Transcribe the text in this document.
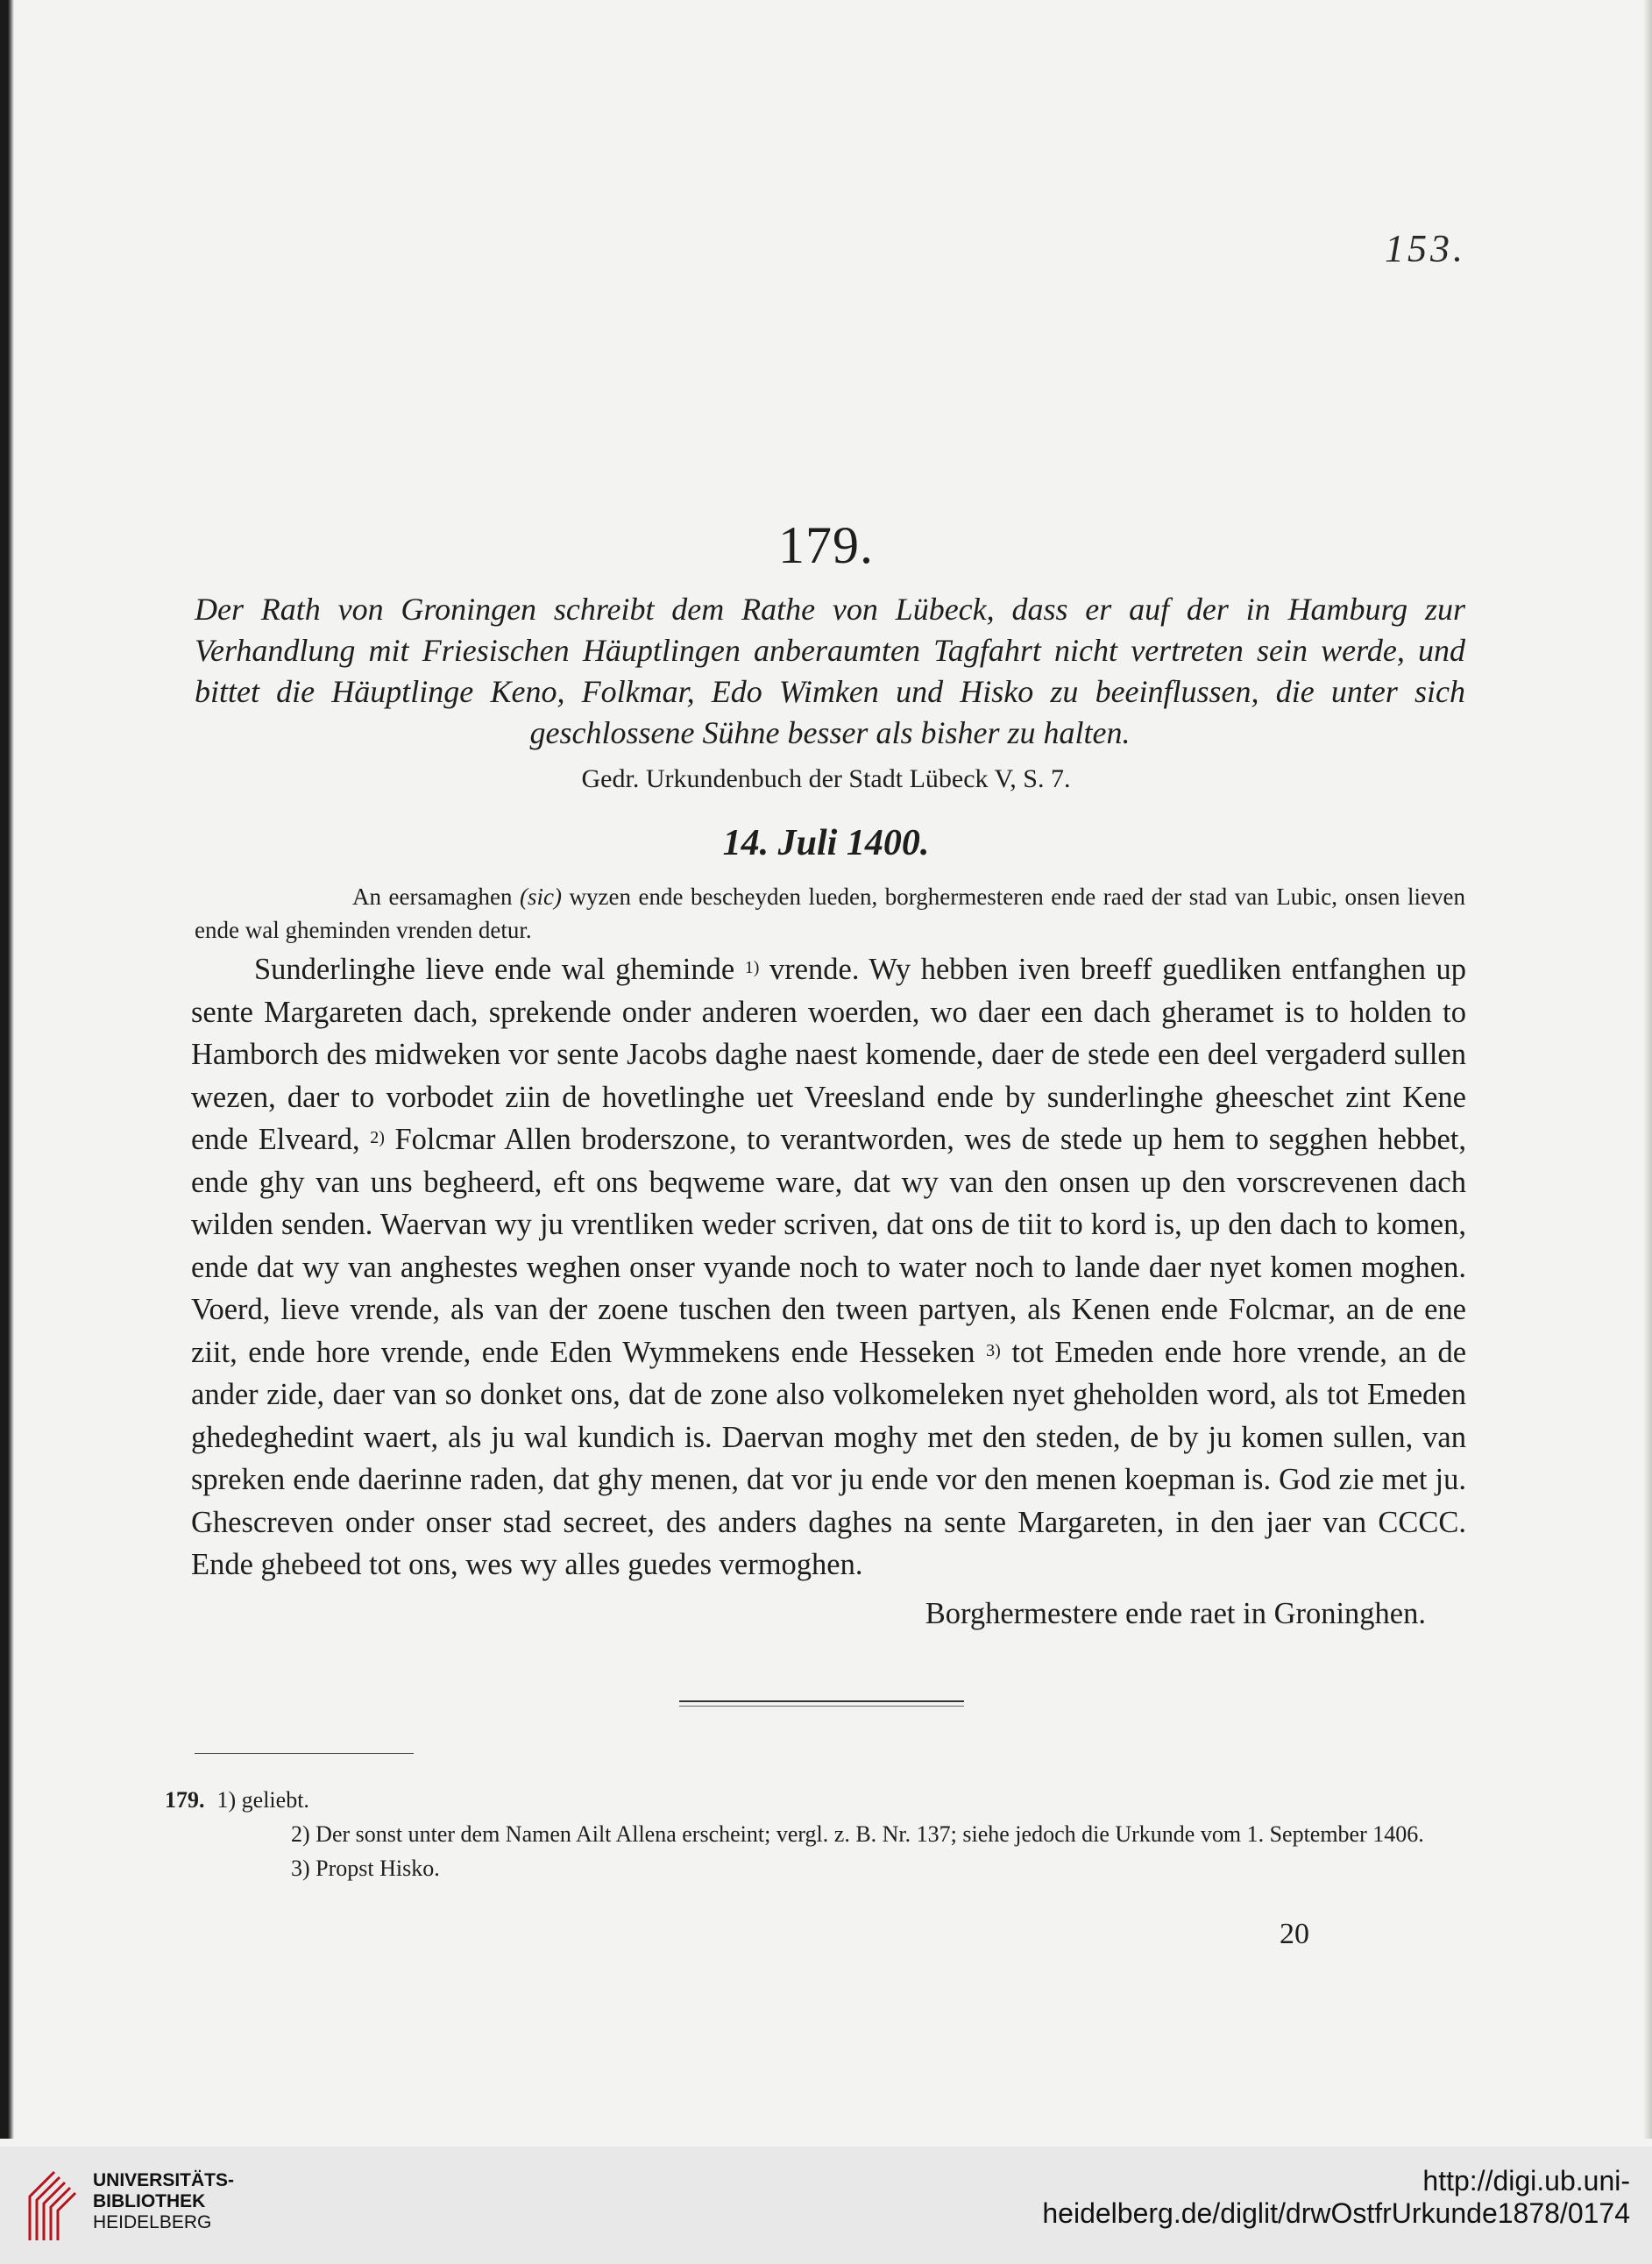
153.
179.
Der Rath von Groningen schreibt dem Rathe von Lübeck, dass er auf der in Hamburg zur Verhandlung mit Friesischen Häuptlingen anberaumten Tagfahrt nicht vertreten sein werde, und bittet die Häuptlinge Keno, Folkmar, Edo Wimken und Hisko zu beeinflussen, die unter sich geschlossene Sühne besser als bisher zu halten.
Gedr. Urkundenbuch der Stadt Lübeck V, S. 7.
14. Juli 1400.
An eersamaghen (sic) wyzen ende bescheyden lueden, borghermesteren ende raed der stad van Lubic, onsen lieven ende wal gheminden vrenden detur.
Sunderlinghe lieve ende wal gheminde $^{1)}$ vrende. Wy hebben iven breeff guedliken entfanghen up sente Margareten dach, sprekende onder anderen woerden, wo daer een dach gheramet is to holden to Hamborch des midweken vor sente Jacobs daghe naest komende, daer de stede een deel vergaderd sullen wezen, daer to vorbodet ziin de hovetlinghe uet Vreesland ende by sunderlinghe gheeschet zint Kene ende Elveard, $^{2)}$ Folcmar Allen broderszone, to verantworden, wes de stede up hem to segghen hebbet, ende ghy van uns begheerd, eft ons beqweme ware, dat wy van den onsen up den vorscrevenen dach wilden senden. Waervan wy ju vrentliken weder scriven, dat ons de tiit to kord is, up den dach to komen, ende dat wy van anghestes weghen onser vyande noch to water noch to lande daer nyet komen moghen. Voerd, lieve vrende, als van der zoene tuschen den tween partyen, als Kenen ende Folcmar, an de ene ziit, ende hore vrende, ende Eden Wymmekens ende Hesseken $^{3)}$ tot Emeden ende hore vrende, an de ander zide, daer van so donket ons, dat de zone also volkomeleken nyet gheholden word, als tot Emeden ghedeghedint waert, als ju wal kundich is. Daervan moghy met den steden, de by ju komen sullen, van spreken ende daerinne raden, dat ghy menen, dat vor ju ende vor den menen koepman is. God zie met ju. Ghescreven onder onser stad secreet, des anders daghes na sente Margareten, in den jaer van CCCC. Ende ghebeed tot ons, wes wy alles guedes vermoghen.
Borghermestere ende raet in Groninghen.

179. 1) geliebt.

2) Der sonst unter dem Namen Ailt Allena erscheint; vergl. z. B. Nr. 137; siehe jedoch die Urkunde vom 1. September 1406.

3) Propst Hisko.

20
UNIVERSITÄTS-
BIBLIOTHEK
HEIDELBERG
http://digi.ub.uni-heidelberg.de/diglit/drwOstfrUrkunde1878/0174
